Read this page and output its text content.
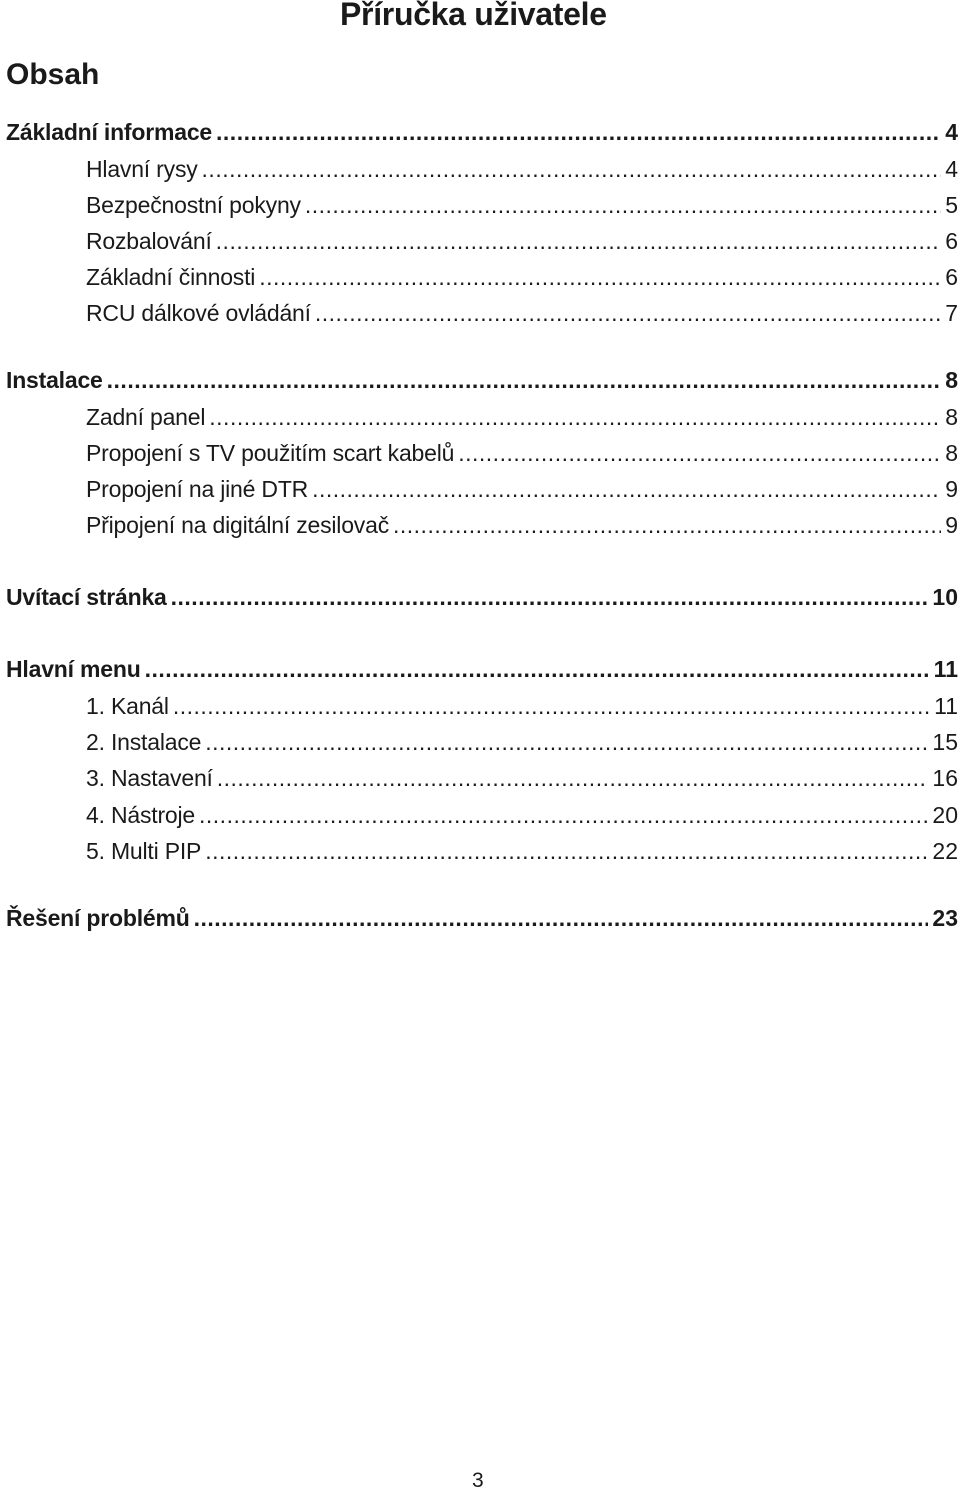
Příručka uživatele
Obsah
Základní informace .....	4
Hlavní rysy .....	4
Bezpečnostní pokyny .....	5
Rozbalování .....	6
Základní činnosti .....	6
RCU dálkové ovládání .....	7
Instalace .....	8
Zadní panel .....	8
Propojení s TV použitím scart kabelů .....	8
Propojení na jiné DTR .....	9
Připojení na digitální zesilovač .....	9
Uvítací stránka .....	10
Hlavní menu .....	11
1. Kanál .....	11
2. Instalace .....	15
3. Nastavení .....	16
4. Nástroje .....	20
5. Multi PIP .....	22
Řešení problémů .....	23
3
